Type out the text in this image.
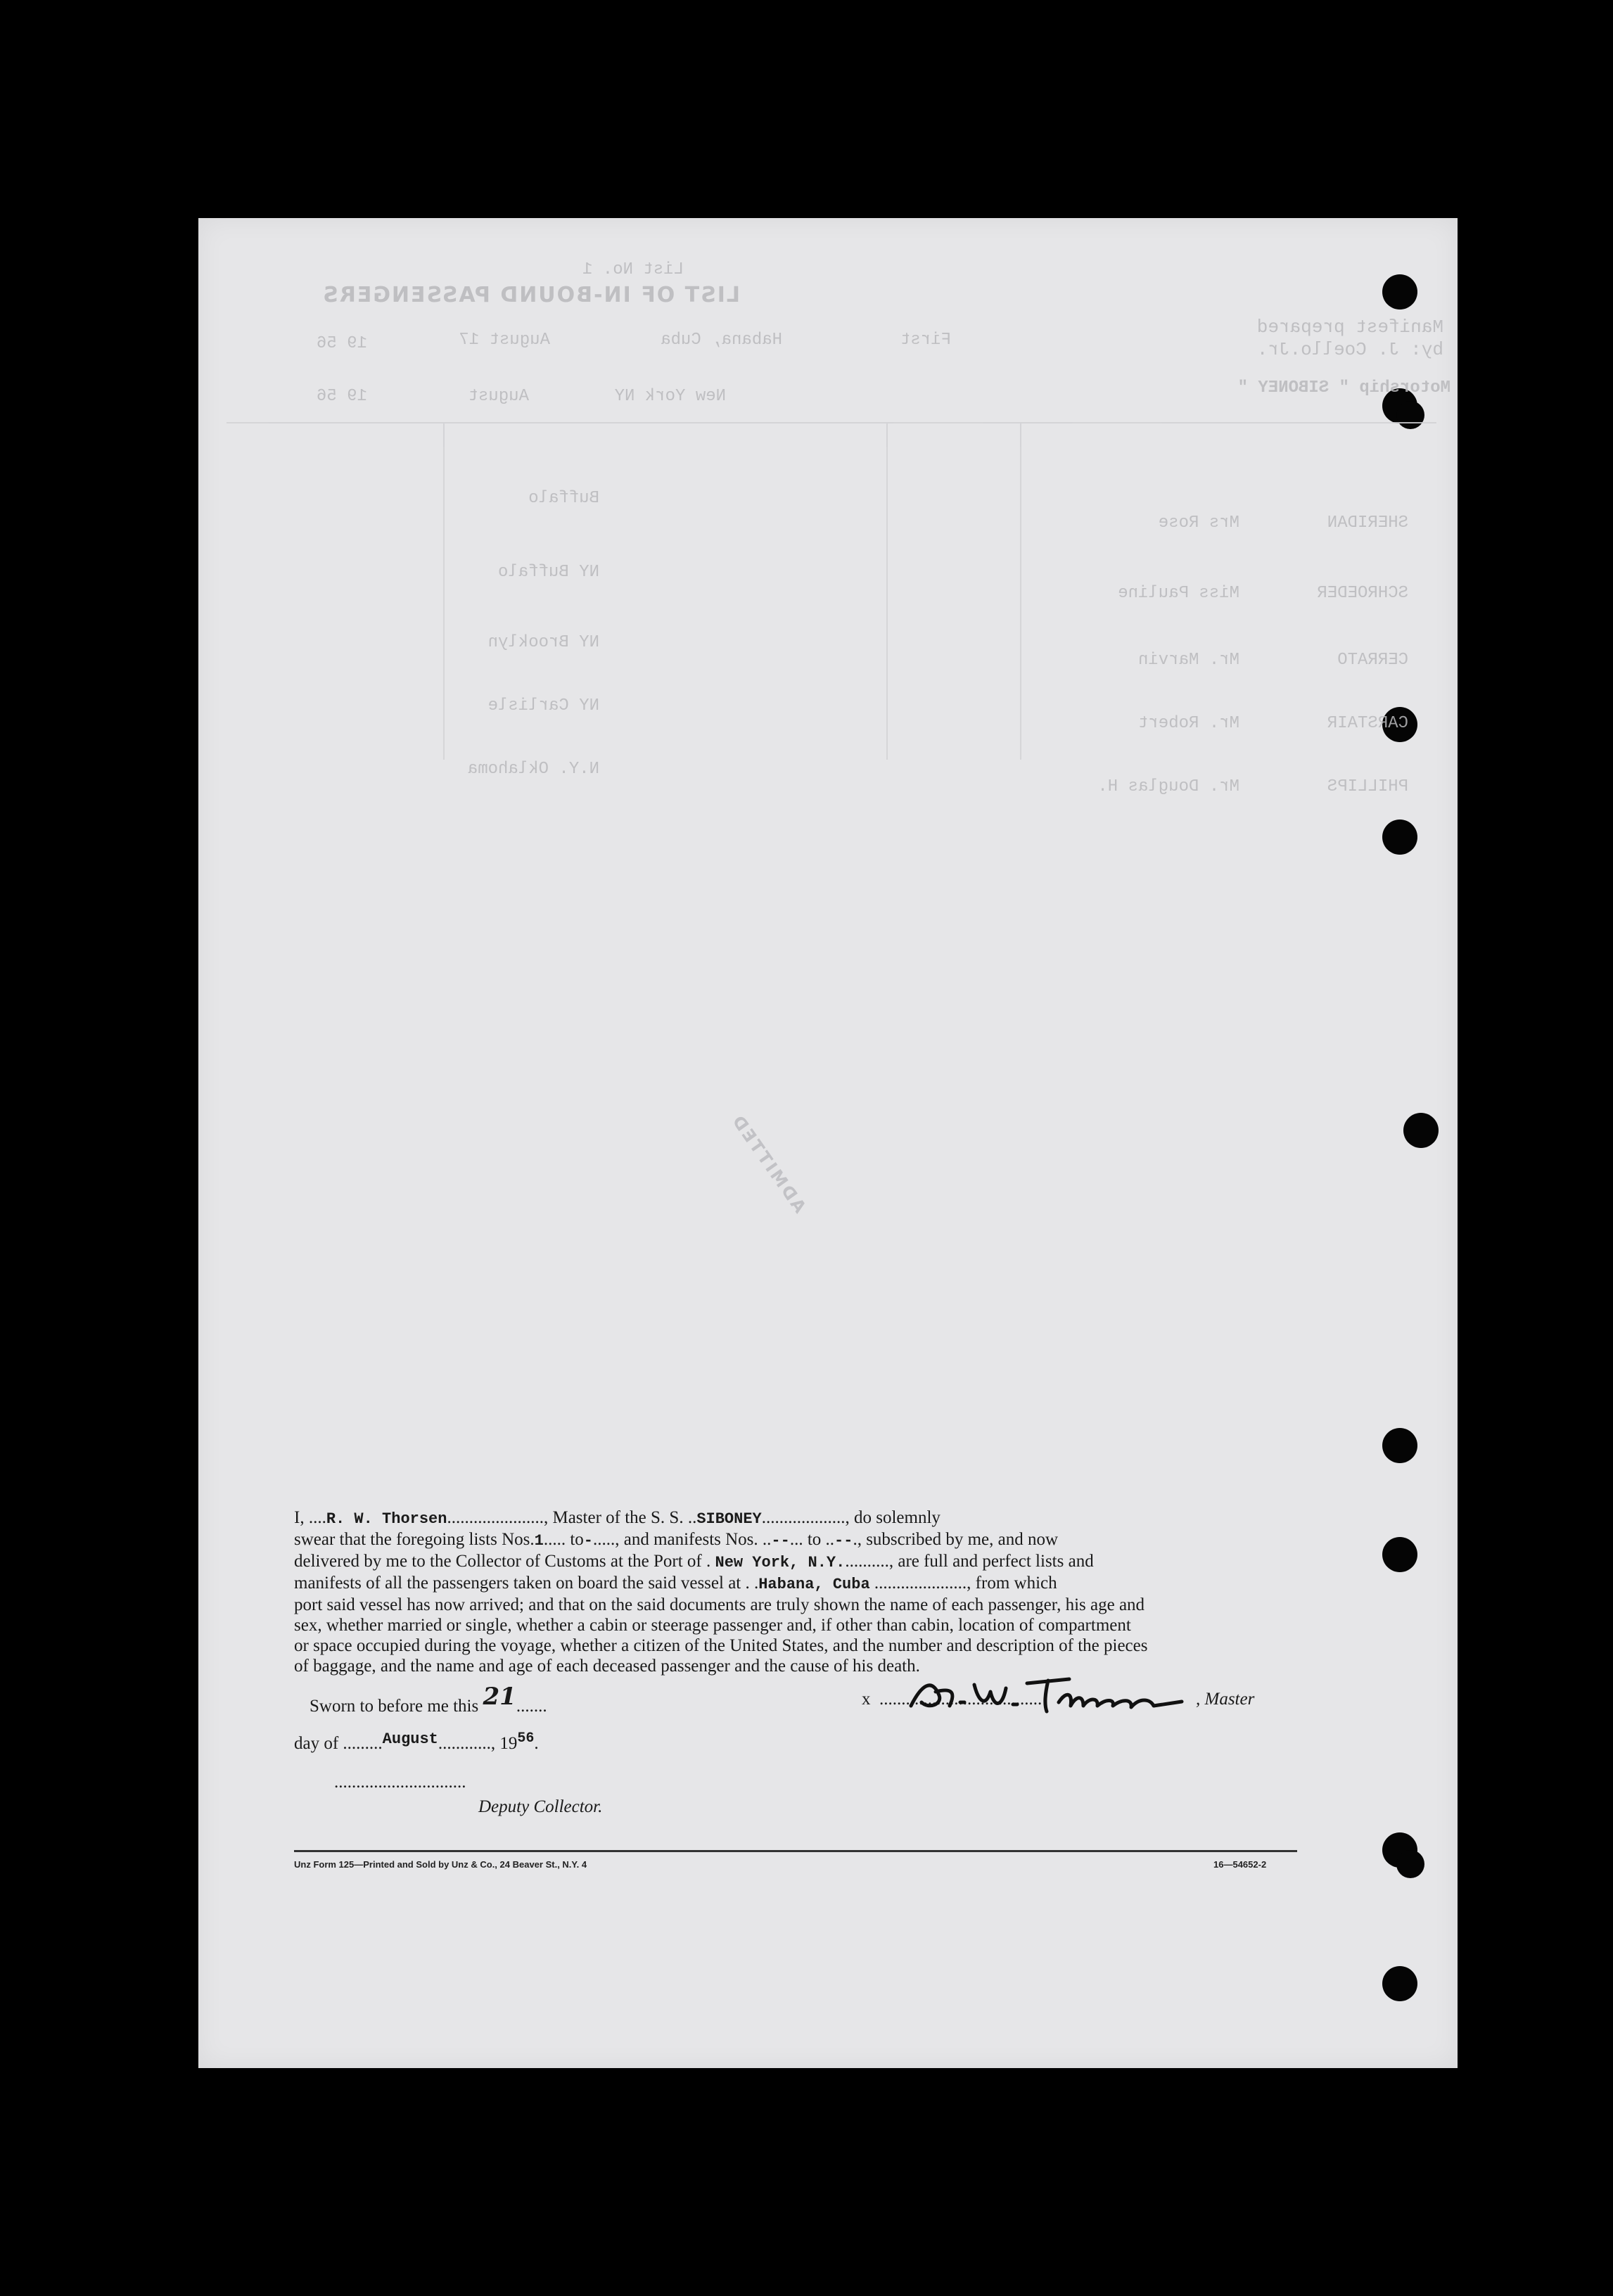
List No. 1
LIST OF IN-BOUND PASSENGERS
First
Habana, Cuba
August 17
19 56
Manifest prepared
by: J. Coello.Jr.
Motorship " SIBONEY "
New York NY
August
19 56
SHERIDAN
Mrs Rose
Buffalo
SCHROEDER
Miss Pauline
NY Buffalo
CERRATO
Mr. Marvin
NY Brooklyn
CARSTAIR
Mr. Robert
NY Carlisle
PHILLIPS
Mr. Douglas H.
N.Y. Oklahoma
ADMITTED
I, ....R. W. Thorsen......................, Master of the S. S. ..SIBONEY..................., do solemnly
swear that the foregoing lists Nos.1..... to-....., and manifests Nos. ..--... to ..--., subscribed by me, and now
delivered by me to the Collector of Customs at the Port of . New York, N.Y..........., are full and perfect lists and
manifests of all the passengers taken on board the said vessel at . .Habana, Cuba ....................., from which
port said vessel has now arrived; and that on the said documents are truly shown the name of each passenger, his age and
sex, whether married or single, whether a cabin or steerage passenger and, if other than cabin, location of compartment
or space occupied during the voyage, whether a citizen of the United States, and the number and description of the pieces
of baggage, and the name and age of each deceased passenger and the cause of his death.
Sworn to before me this 21.......
day of .........August............, $19^{56}$.
..............................
Deputy Collector.
x .....................................	, Master
Unz Form 125—Printed and Sold by Unz & Co., 24 Beaver St., N.Y. 4	16—54652-2
